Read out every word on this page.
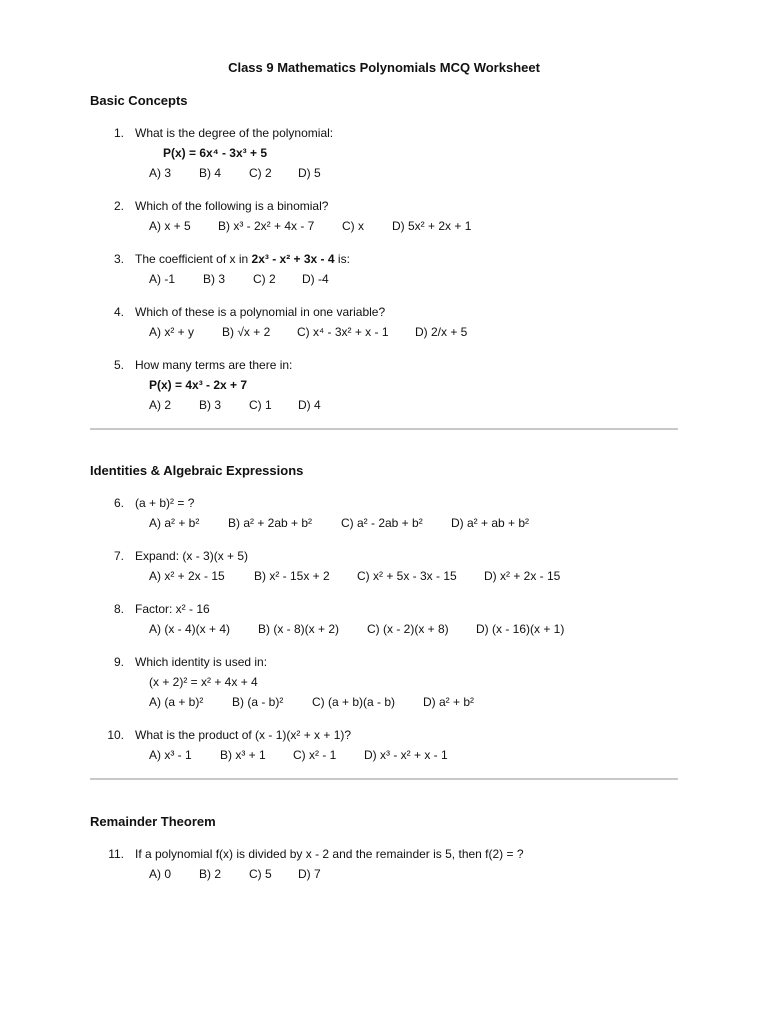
Class 9 Mathematics Polynomials MCQ Worksheet
Basic Concepts
1. What is the degree of the polynomial:
P(x) = 6x⁴ - 3x³ + 5
A) 3 B) 4 C) 2 D) 5
2. Which of the following is a binomial?
A) x + 5 B) x³ - 2x² + 4x - 7 C) x D) 5x² + 2x + 1
3. The coefficient of x in 2x³ - x² + 3x - 4 is:
A) -1 B) 3 C) 2 D) -4
4. Which of these is a polynomial in one variable?
A) x² + y B) √x + 2 C) x⁴ - 3x² + x - 1 D) 2/x + 5
5. How many terms are there in:
P(x) = 4x³ - 2x + 7
A) 2 B) 3 C) 1 D) 4
Identities & Algebraic Expressions
6. (a + b)² = ?
A) a² + b² B) a² + 2ab + b² C) a² - 2ab + b² D) a² + ab + b²
7. Expand: (x - 3)(x + 5)
A) x² + 2x - 15 B) x² - 15x + 2 C) x² + 5x - 3x - 15 D) x² + 2x - 15
8. Factor: x² - 16
A) (x - 4)(x + 4) B) (x - 8)(x + 2) C) (x - 2)(x + 8) D) (x - 16)(x + 1)
9. Which identity is used in:
(x + 2)² = x² + 4x + 4
A) (a + b)² B) (a - b)² C) (a + b)(a - b) D) a² + b²
10. What is the product of (x - 1)(x² + x + 1)?
A) x³ - 1 B) x³ + 1 C) x² - 1 D) x³ - x² + x - 1
Remainder Theorem
11. If a polynomial f(x) is divided by x - 2 and the remainder is 5, then f(2) = ?
A) 0 B) 2 C) 5 D) 7
